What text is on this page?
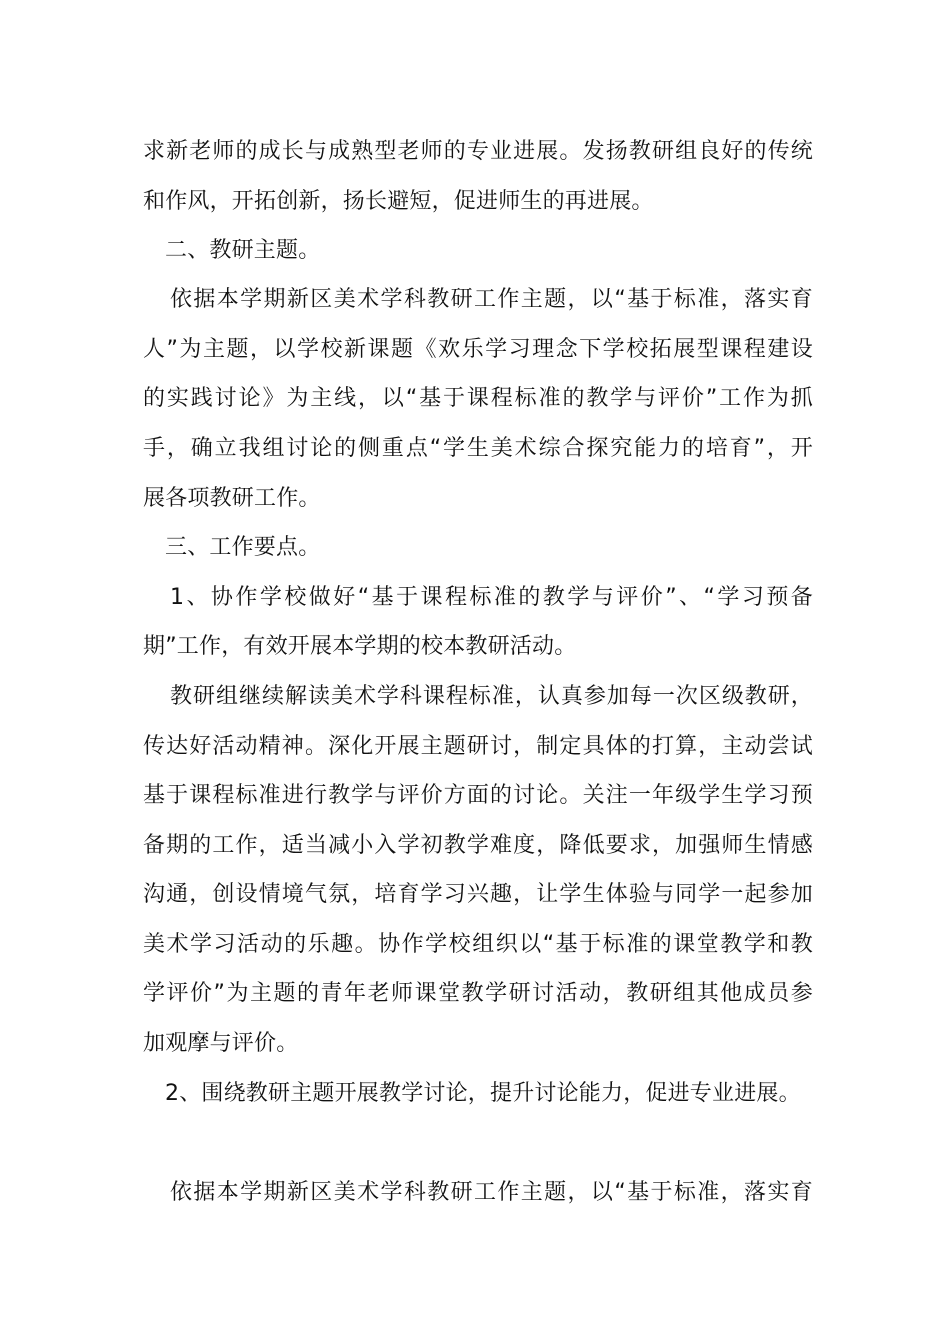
求新老师的成长与成熟型老师的专业进展。发扬教研组良好的传统
和作风，开拓创新，扬长避短，促进师生的再进展。
二、教研主题。
依据本学期新区美术学科教研工作主题，以“基于标准，落实育
人”为主题，以学校新课题《欢乐学习理念下学校拓展型课程建设
的实践讨论》为主线，以“基于课程标准的教学与评价”工作为抓
手，确立我组讨论的侧重点“学生美术综合探究能力的培育”，开
展各项教研工作。
三、工作要点。
1、协作学校做好“基于课程标准的教学与评价”、“学习预备
期”工作，有效开展本学期的校本教研活动。
教研组继续解读美术学科课程标准，认真参加每一次区级教研，
传达好活动精神。深化开展主题研讨，制定具体的打算，主动尝试
基于课程标准进行教学与评价方面的讨论。关注一年级学生学习预
备期的工作，适当减小入学初教学难度，降低要求，加强师生情感
沟通，创设情境气氛，培育学习兴趣，让学生体验与同学一起参加
美术学习活动的乐趣。协作学校组织以“基于标准的课堂教学和教
学评价”为主题的青年老师课堂教学研讨活动，教研组其他成员参
加观摩与评价。
2、围绕教研主题开展教学讨论，提升讨论能力，促进专业进展。
依据本学期新区美术学科教研工作主题，以“基于标准，落实育
